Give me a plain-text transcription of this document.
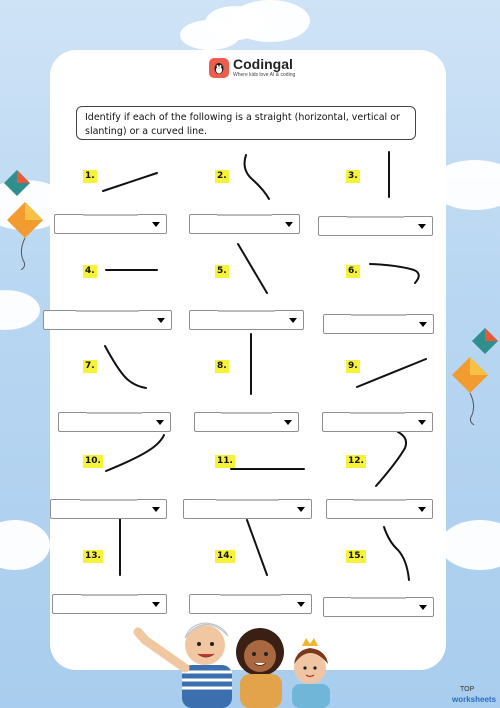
Codingal
Where kids love AI & coding
Identify if each of the following is a straight (horizontal, vertical or slanting) or a curved line.
1.	2.	3.
4.	5.	6.
7.	8.	9.
10.	11.	12.
13.	14.	15.
TOP
worksheets
